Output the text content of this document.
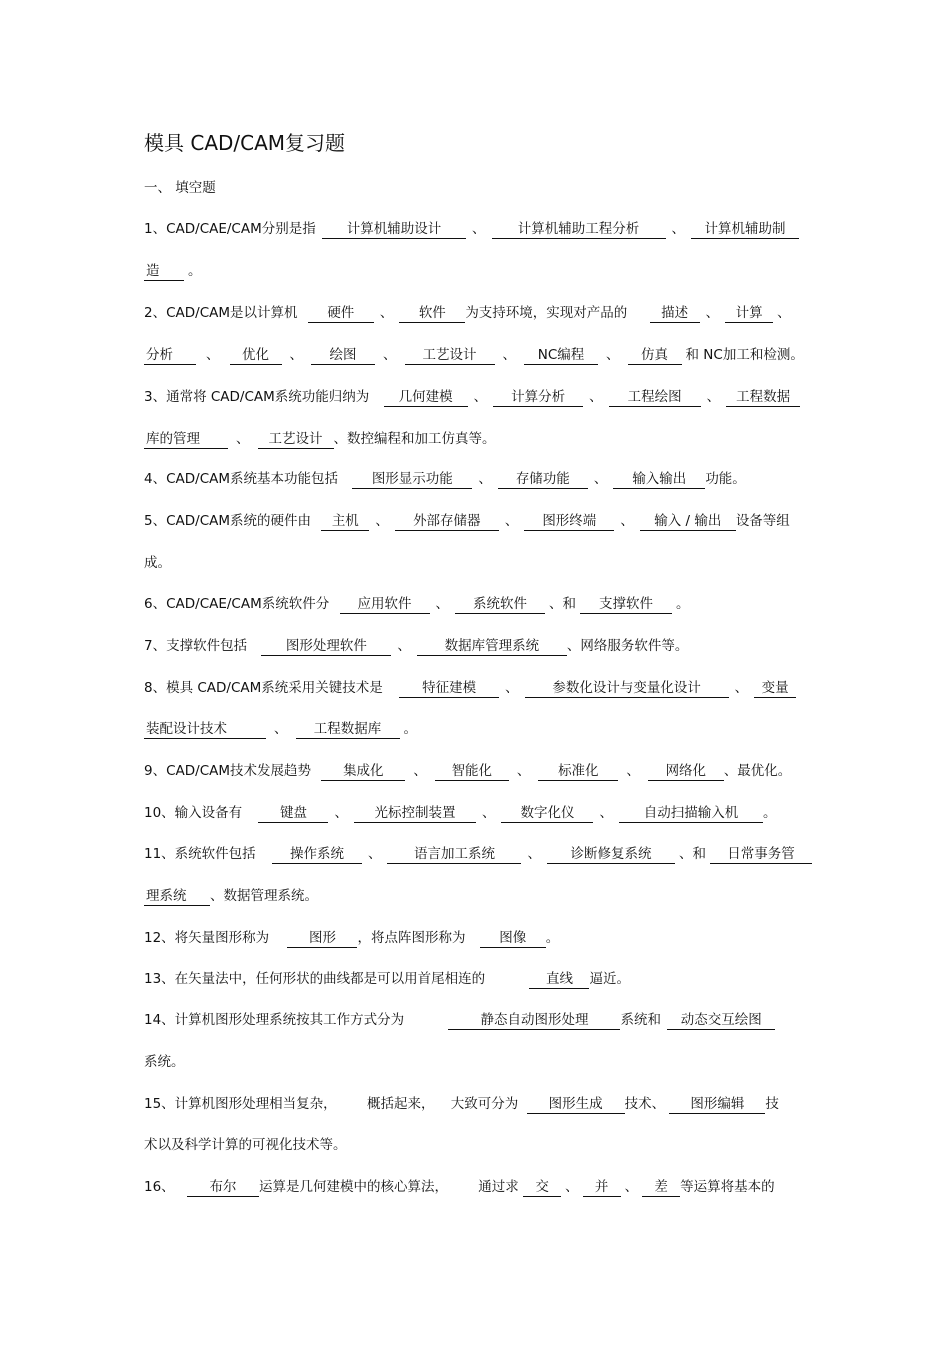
模具 CAD/CAM复习题
一、 填空题
1、CAD/CAE/CAM分别是指 计算机辅助设计 、 计算机辅助工程分析 、 计算机辅助制
造 。
2、CAD/CAM是以计算机 硬件 、 软件 为支持环境，实现对产品的	描述 、 计算 、
分析 、 优化 、 绘图 、 工艺设计 、 NC编程 、 仿真 和 NC加工和检测。
3、通常将 CAD/CAM系统功能归纳为 几何建模 、 计算分析 、 工程绘图 、 工程数据
库的管理	、 工艺设计 、数控编程和加工仿真等。
4、CAD/CAM系统基本功能包括	图形显示功能 、 存储功能 、 输入输出 功能。
5、CAD/CAM系统的硬件由 主机 、 外部存储器 、 图形终端 、 输入 / 输出 设备等组
成。
6、CAD/CAE/CAM系统软件分 应用软件 、 系统软件 、和 支撑软件 。
7、支撑软件包括	图形处理软件 、	数据库管理系统 、网络服务软件等。
8、模具 CAD/CAM系统采用关键技术是	特征建模 、	参数化设计与变量化设计	、 变量
装配设计技术	、 工程数据库 。
9、CAD/CAM技术发展趋势 集成化 、 智能化 、 标准化 、 网络化 、最优化。
10、输入设备有	键盘 、 光标控制装置 、 数字化仪 、 自动扫描输入机 。
11、系统软件包括	操作系统 、 语言加工系统 、 诊断修复系统 、和 日常事务管
理系统 、数据管理系统。
12、将矢量图形称为	图形 ，将点阵图形称为	图像 。
13、在矢量法中，任何形状的曲线都是可以用首尾相连的	直线 逼近。
14、计算机图形处理系统按其工作方式分为	静态自动图形处理 系统和 动态交互绘图
系统。
15、计算机图形处理相当复杂， 概括起来， 大致可分为 图形生成 技术、 图形编辑 技
术以及科学计算的可视化技术等。
16、	布尔 运算是几何建模中的核心算法， 通过求 交 、 并 、 差 等运算将基本的
